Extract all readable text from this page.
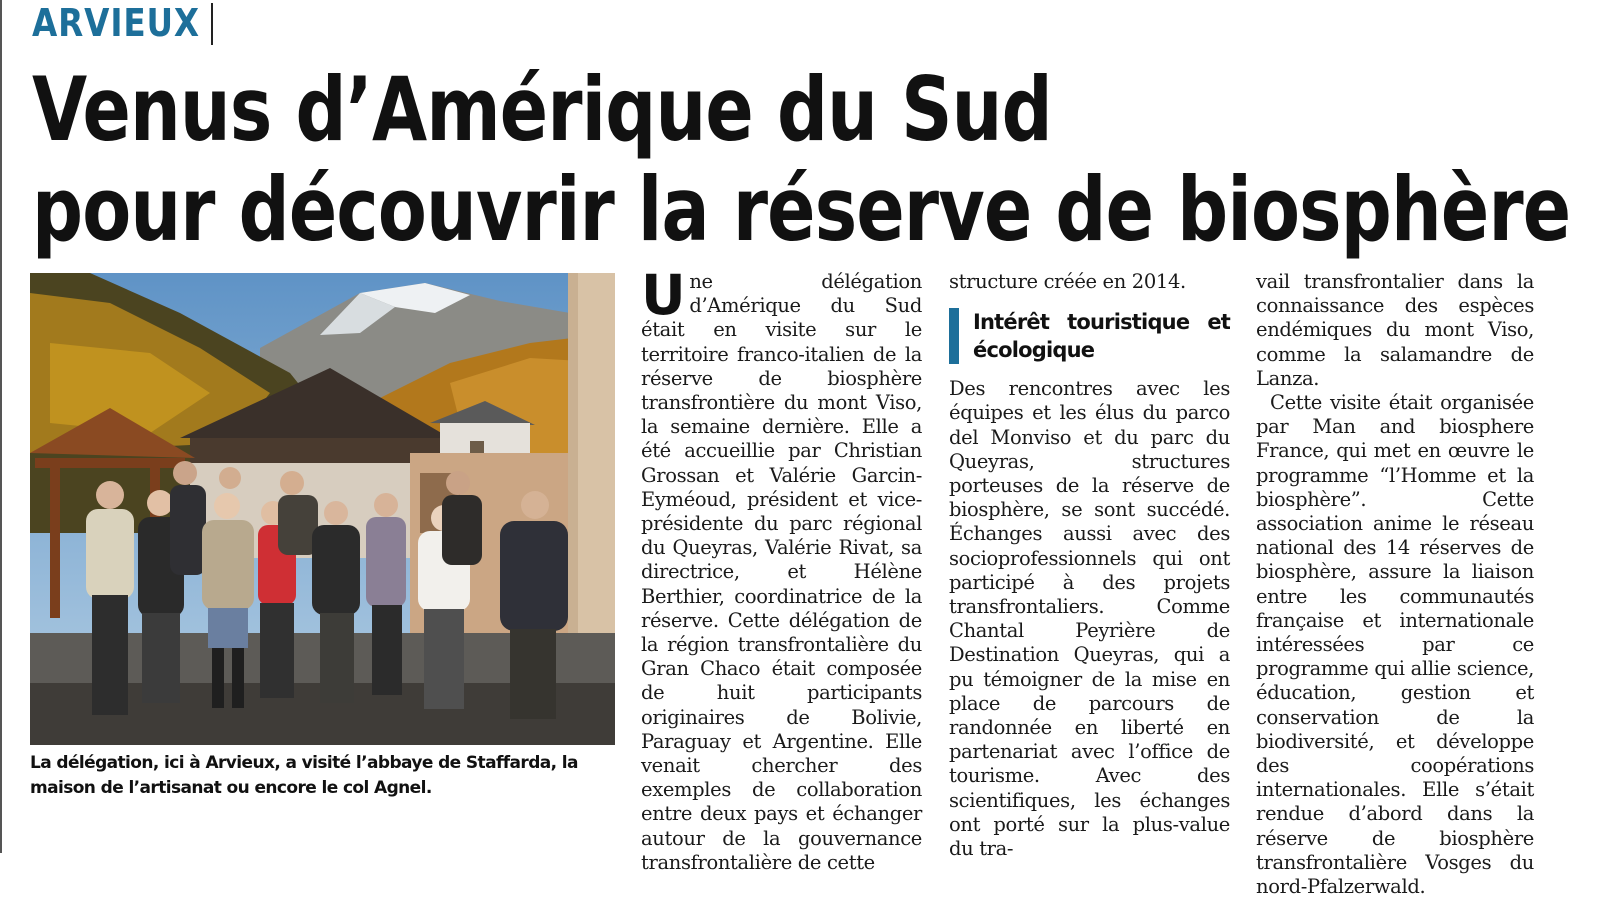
ARVIEUX
Venus d’Amérique du Sud
pour découvrir la réserve de biosphère
La délégation, ici à Arvieux, a visité l’abbaye de Staffarda, la maison de l’artisanat ou encore le col Agnel.

Une délégation d’Amérique du Sud était en visite sur le territoire franco-italien de la réserve de biosphère transfrontière du mont Viso, la semaine dernière. Elle a été accueillie par Christian Grossan et Valérie Garcin-Eyméoud, président et vice-présidente du parc régional du Queyras, Valérie Rivat, sa directrice, et Hélène Berthier, coordinatrice de la réserve. Cette délégation de la région transfrontalière du Gran Chaco était composée de huit participants originaires de Bolivie, Paraguay et Argentine. Elle venait chercher des exemples de collaboration entre deux pays et échanger autour de la gouvernance transfrontalière de cette

structure créée en 2014.

Intérêt touristique et écologique

Des rencontres avec les équipes et les élus du parco del Monviso et du parc du Queyras, structures porteuses de la réserve de biosphère, se sont succédé. Échanges aussi avec des socioprofessionnels qui ont participé à des projets transfrontaliers. Comme Chantal Peyrière de Destination Queyras, qui a pu témoigner de la mise en place de parcours de randonnée en liberté en partenariat avec l’office de tourisme. Avec des scientifiques, les échanges ont porté sur la plus-value du tra-

vail transfrontalier dans la connaissance des espèces endémiques du mont Viso, comme la salamandre de Lanza.

Cette visite était organisée par Man and biosphere France, qui met en œuvre le programme “l’Homme et la biosphère”. Cette association anime le réseau national des 14 réserves de biosphère, assure la liaison entre les communautés française et internationale intéressées par ce programme qui allie science, éducation, gestion et conservation de la biodiversité, et développe des coopérations internationales. Elle s’était rendue d’abord dans la réserve de biosphère transfrontalière Vosges du nord-Pfalzerwald.
